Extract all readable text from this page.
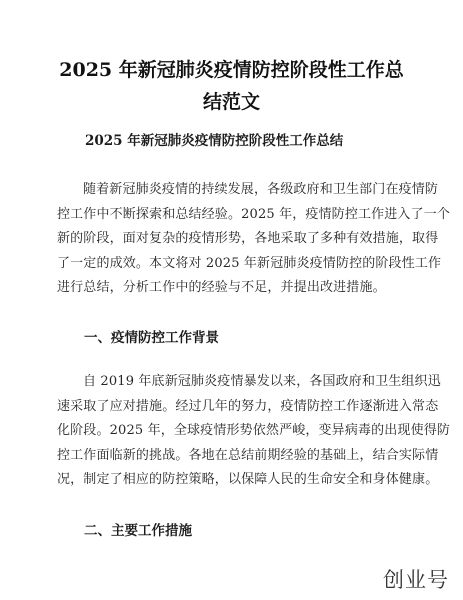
2025 年新冠肺炎疫情防控阶段性工作总
结范文
2025 年新冠肺炎疫情防控阶段性工作总结
随着新冠肺炎疫情的持续发展，各级政府和卫生部门在疫情防
控工作中不断探索和总结经验。2025 年，疫情防控工作进入了一个
新的阶段，面对复杂的疫情形势，各地采取了多种有效措施，取得
了一定的成效。本文将对 2025 年新冠肺炎疫情防控的阶段性工作
进行总结，分析工作中的经验与不足，并提出改进措施。
一、疫情防控工作背景
自 2019 年底新冠肺炎疫情暴发以来，各国政府和卫生组织迅
速采取了应对措施。经过几年的努力，疫情防控工作逐渐进入常态
化阶段。2025 年，全球疫情形势依然严峻，变异病毒的出现使得防
控工作面临新的挑战。各地在总结前期经验的基础上，结合实际情
况，制定了相应的防控策略，以保障人民的生命安全和身体健康。
二、主要工作措施
创业号
